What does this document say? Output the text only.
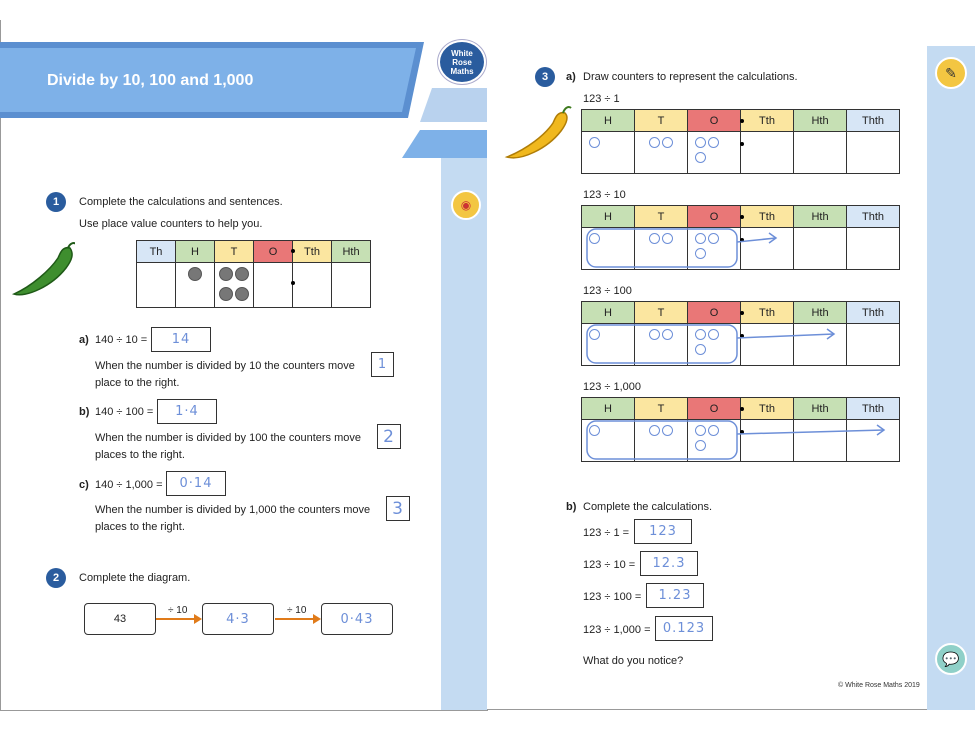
Divide by 10, 100 and 1,000
White
Rose
Maths
◉
1	Complete the calculations and sentences.
Use place value counters to help you.
Th	H	T	O	Tth	Hth

a) 140 ÷ 10 =	14
When the number is divided by 10 the counters move	1
place to the right.
b) 140 ÷ 100 =	1·4
When the number is divided by 100 the counters move	2
places to the right.
c) 140 ÷ 1,000 =	0·14
When the number is divided by 1,000 the counters move	3
places to the right.
2	Complete the diagram.
43
÷ 10
4·3
÷ 10
0·43
✎
💬
3	a) Draw counters to represent the calculations.
123 ÷ 1
H	T	O	Tth	Hth	Thth

123 ÷ 10
H	T	O	Tth	Hth	Thth

123 ÷ 100
H	T	O	Tth	Hth	Thth

123 ÷ 1,000
H	T	O	Tth	Hth	Thth

b) Complete the calculations.
123 ÷ 1 =	123
123 ÷ 10 =	12.3
123 ÷ 100 =	1.23
123 ÷ 1,000 = 0.123
What do you notice?
© White Rose Maths 2019
